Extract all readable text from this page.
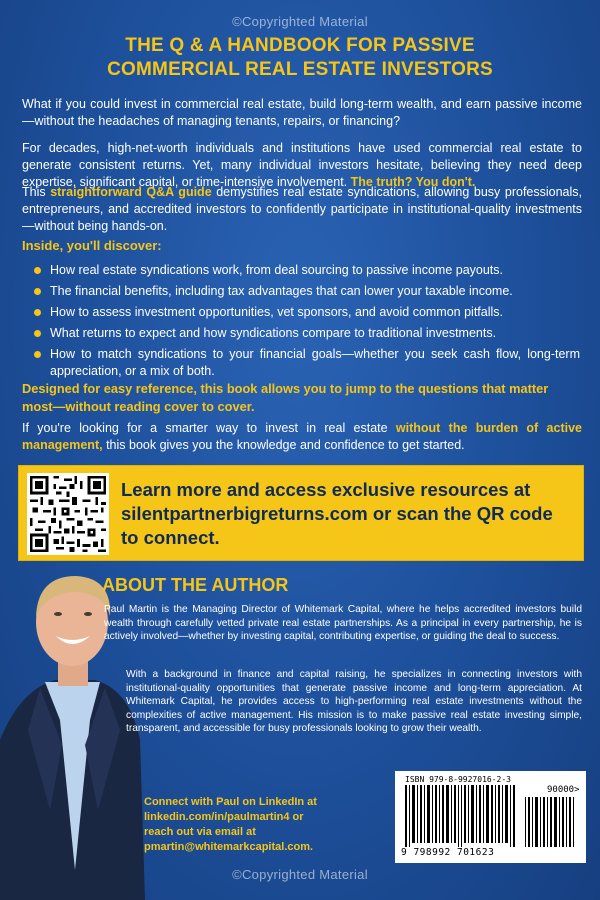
©Copyrighted Material
THE Q & A HANDBOOK FOR PASSIVE
COMMERCIAL REAL ESTATE INVESTORS

What if you could invest in commercial real estate, build long-term wealth, and earn passive income—without the headaches of managing tenants, repairs, or financing?

For decades, high-net-worth individuals and institutions have used commercial real estate to generate consistent returns. Yet, many individual investors hesitate, believing they need deep expertise, significant capital, or time-intensive involvement. The truth? You don't.

This straightforward Q&A guide demystifies real estate syndications, allowing busy professionals, entrepreneurs, and accredited investors to confidently participate in institutional-quality investments—without being hands-on.

Inside, you'll discover:
How real estate syndications work, from deal sourcing to passive income payouts.
The financial benefits, including tax advantages that can lower your taxable income.
How to assess investment opportunities, vet sponsors, and avoid common pitfalls.
What returns to expect and how syndications compare to traditional investments.
How to match syndications to your financial goals—whether you seek cash flow, long-term appreciation, or a mix of both.

Designed for easy reference, this book allows you to jump to the questions that matter most—without reading cover to cover.

If you're looking for a smarter way to invest in real estate without the burden of active management, this book gives you the knowledge and confidence to get started.

Learn more and access exclusive resources at silentpartnerbigreturns.com or scan the QR code to connect.
ABOUT THE AUTHOR

Paul Martin is the Managing Director of Whitemark Capital, where he helps accredited investors build wealth through carefully vetted private real estate partnerships. As a principal in every partnership, he is actively involved—whether by investing capital, contributing expertise, or guiding the deal to success.

With a background in finance and capital raising, he specializes in connecting investors with institutional-quality opportunities that generate passive income and long-term appreciation. At Whitemark Capital, he provides access to high-performing real estate investments without the complexities of active management. His mission is to make passive real estate investing simple, transparent, and accessible for busy professionals looking to grow their wealth.

Connect with Paul on LinkedIn at linkedin.com/in/paulmartin4 or reach out via email at pmartin@whitemarkcapital.com.
ISBN 979-8-9927016-2-3
90000>
9 798992 701623
©Copyrighted Material
